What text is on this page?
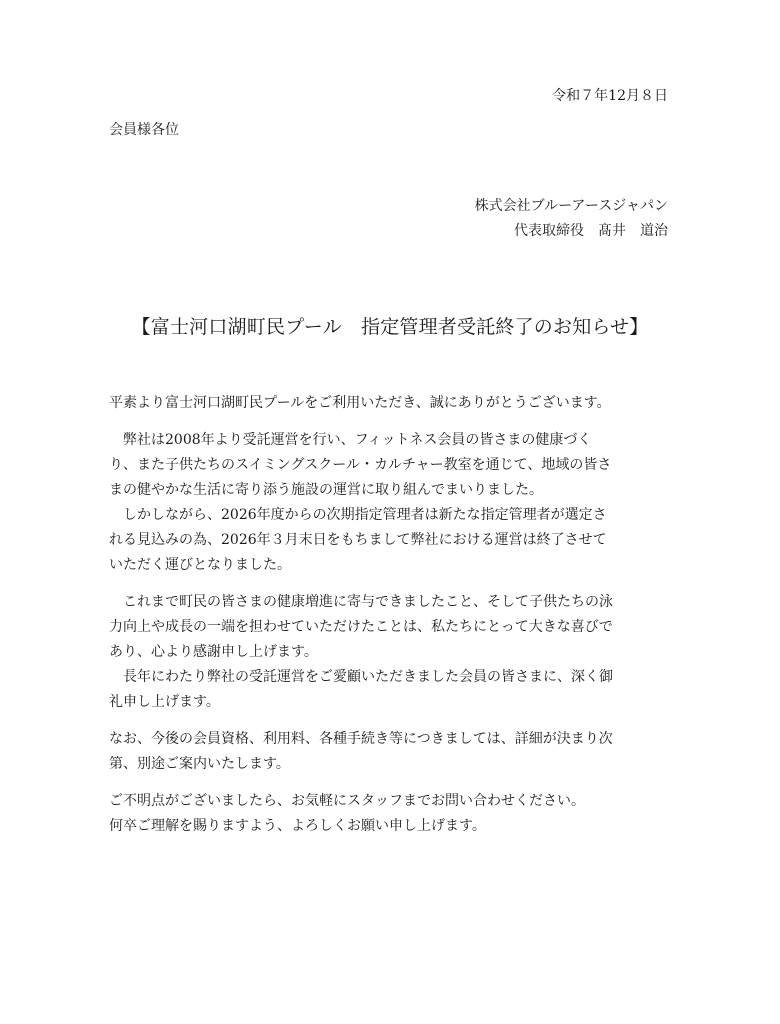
令和７年12月８日
会員様各位
株式会社ブルーアースジャパン
代表取締役　髙井　道治
【富士河口湖町民プール　指定管理者受託終了のお知らせ】
平素より富士河口湖町民プールをご利用いただき、誠にありがとうございます。
　弊社は2008年より受託運営を行い、フィットネス会員の皆さまの健康づく
り、また子供たちのスイミングスクール・カルチャー教室を通じて、地域の皆さ
まの健やかな生活に寄り添う施設の運営に取り組んでまいりました。
　しかしながら、2026年度からの次期指定管理者は新たな指定管理者が選定さ
れる見込みの為、2026年３月末日をもちまして弊社における運営は終了させて
いただく運びとなりました。
　これまで町民の皆さまの健康増進に寄与できましたこと、そして子供たちの泳
力向上や成長の一端を担わせていただけたことは、私たちにとって大きな喜びで
あり、心より感謝申し上げます。
　長年にわたり弊社の受託運営をご愛顧いただきました会員の皆さまに、深く御
礼申し上げます。
なお、今後の会員資格、利用料、各種手続き等につきましては、詳細が決まり次
第、別途ご案内いたします。
ご不明点がございましたら、お気軽にスタッフまでお問い合わせください。
何卒ご理解を賜りますよう、よろしくお願い申し上げます。
